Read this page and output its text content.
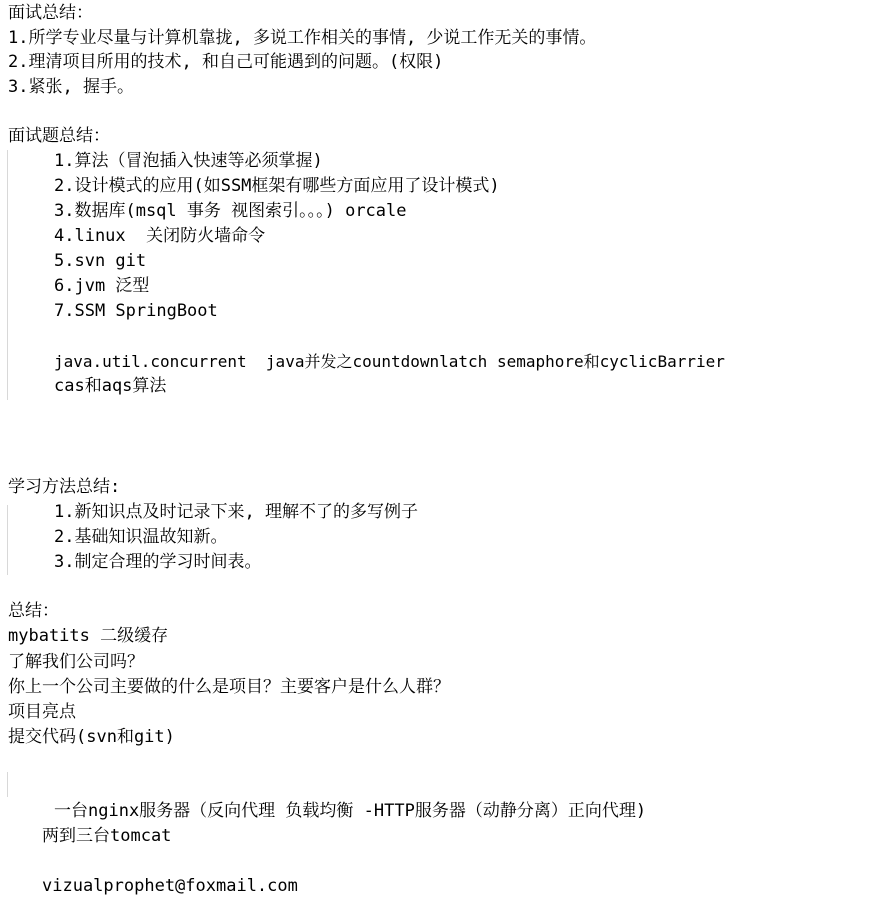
面试总结：
1.所学专业尽量与计算机靠拢, 多说工作相关的事情, 少说工作无关的事情。
2.理清项目所用的技术, 和自己可能遇到的问题。(权限)
3.紧张, 握手。
面试题总结：
1.算法（冒泡插入快速等必须掌握)
2.设计模式的应用(如SSM框架有哪些方面应用了设计模式)
3.数据库(msql 事务 视图索引。。。) orcale
4.linux  关闭防火墙命令
5.svn git
6.jvm 泛型
7.SSM SpringBoot
java.util.concurrent  java并发之countdownlatch semaphore和cyclicBarrier
cas和aqs算法
学习方法总结:
1.新知识点及时记录下来, 理解不了的多写例子
2.基础知识温故知新。
3.制定合理的学习时间表。
总结：
mybatits 二级缓存
了解我们公司吗？
你上一个公司主要做的什么是项目？主要客户是什么人群？
项目亮点
提交代码(svn和git)
一台nginx服务器（反向代理 负载均衡 -HTTP服务器（动静分离）正向代理)
两到三台tomcat
vizualprophet@foxmail.com
